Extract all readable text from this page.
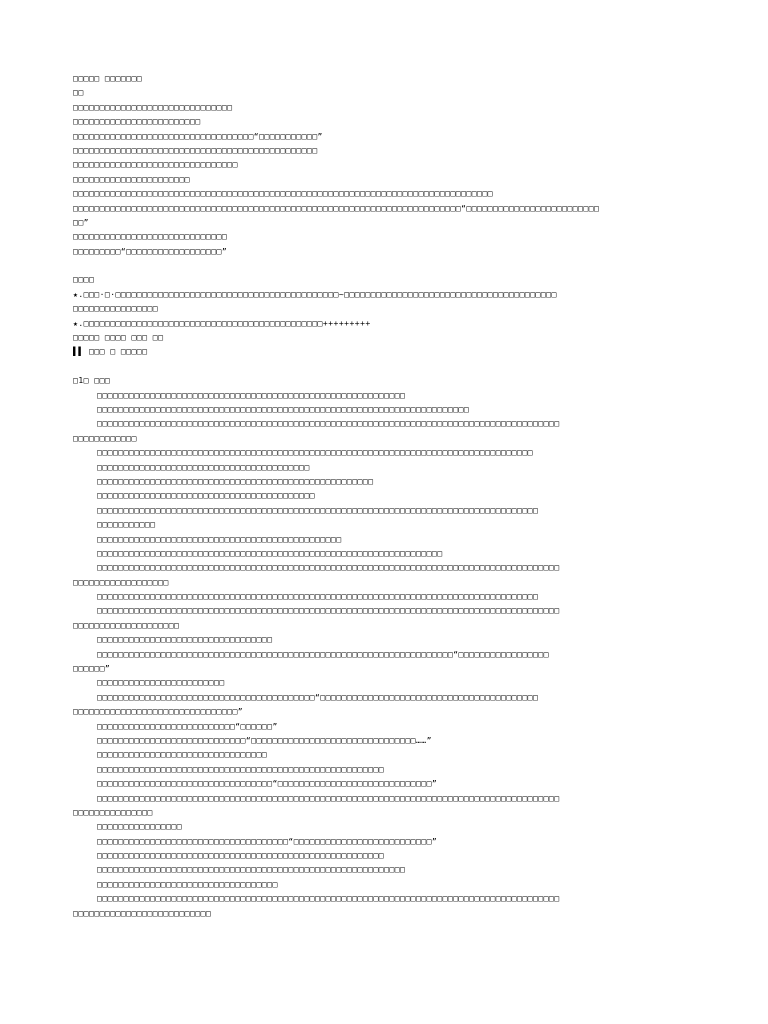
□□□□□ □□□□□□□
□□
□□□□□□□□□□□□□□□□□□□□□□□□□□□□□□
□□□□□□□□□□□□□□□□□□□□□□□□
□□□□□□□□□□□□□□□□□□□□□□□□□□□□□□□□□□“□□□□□□□□□□□”
□□□□□□□□□□□□□□□□□□□□□□□□□□□□□□□□□□□□□□□□□□□□□□
□□□□□□□□□□□□□□□□□□□□□□□□□□□□□□□
□□□□□□□□□□□□□□□□□□□□□□
□□□□□□□□□□□□□□□□□□□□□□□□□□□□□□□□□□□□□□□□□□□□□□□□□□□□□□□□□□□□□□□□□□□□□□□□□□□□□□□
□□□□□□□□□□□□□□□□□□□□□□□□□□□□□□□□□□□□□□□□□□□□□□□□□□□□□□□□□□□□□□□□□□□□□□□□□“□□□□□□□□□□□□□□□□□□□□□□□□□
□□”
□□□□□□□□□□□□□□□□□□□□□□□□□□□□□
□□□□□□□□□“□□□□□□□□□□□□□□□□□□”
□□□□
★.□□□·□·□□□□□□□□□□□□□□□□□□□□□□□□□□□□□□□□□□□□□□□□□□~□□□□□□□□□□□□□□□□□□□□□□□□□□□□□□□□□□□□□□□□
□□□□□□□□□□□□□□□□
★.□□□□□□□□□□□□□□□□□□□□□□□□□□□□□□□□□□□□□□□□□□□□□+++++++++
□□□□□ □□□□ □□□ □□
▌▌ □□□ □ □□□□□
□1□ □□□
□□□□□□□□□□□□□□□□□□□□□□□□□□□□□□□□□□□□□□□□□□□□□□□□□□□□□□□□□□
□□□□□□□□□□□□□□□□□□□□□□□□□□□□□□□□□□□□□□□□□□□□□□□□□□□□□□□□□□□□□□□□□□□□□□
□□□□□□□□□□□□□□□□□□□□□□□□□□□□□□□□□□□□□□□□□□□□□□□□□□□□□□□□□□□□□□□□□□□□□□□□□□□□□□□□□□□□□□□
□□□□□□□□□□□□
□□□□□□□□□□□□□□□□□□□□□□□□□□□□□□□□□□□□□□□□□□□□□□□□□□□□□□□□□□□□□□□□□□□□□□□□□□□□□□□□□□
□□□□□□□□□□□□□□□□□□□□□□□□□□□□□□□□□□□□□□□□
□□□□□□□□□□□□□□□□□□□□□□□□□□□□□□□□□□□□□□□□□□□□□□□□□□□□
□□□□□□□□□□□□□□□□□□□□□□□□□□□□□□□□□□□□□□□□□
□□□□□□□□□□□□□□□□□□□□□□□□□□□□□□□□□□□□□□□□□□□□□□□□□□□□□□□□□□□□□□□□□□□□□□□□□□□□□□□□□□□
□□□□□□□□□□□
□□□□□□□□□□□□□□□□□□□□□□□□□□□□□□□□□□□□□□□□□□□□□□
□□□□□□□□□□□□□□□□□□□□□□□□□□□□□□□□□□□□□□□□□□□□□□□□□□□□□□□□□□□□□□□□□
□□□□□□□□□□□□□□□□□□□□□□□□□□□□□□□□□□□□□□□□□□□□□□□□□□□□□□□□□□□□□□□□□□□□□□□□□□□□□□□□□□□□□□□
□□□□□□□□□□□□□□□□□□
□□□□□□□□□□□□□□□□□□□□□□□□□□□□□□□□□□□□□□□□□□□□□□□□□□□□□□□□□□□□□□□□□□□□□□□□□□□□□□□□□□□
□□□□□□□□□□□□□□□□□□□□□□□□□□□□□□□□□□□□□□□□□□□□□□□□□□□□□□□□□□□□□□□□□□□□□□□□□□□□□□□□□□□□□□□
□□□□□□□□□□□□□□□□□□□□
□□□□□□□□□□□□□□□□□□□□□□□□□□□□□□□□□
□□□□□□□□□□□□□□□□□□□□□□□□□□□□□□□□□□□□□□□□□□□□□□□□□□□□□□□□□□□□□□□□□□□“□□□□□□□□□□□□□□□□□
□□□□□□”
□□□□□□□□□□□□□□□□□□□□□□□□
□□□□□□□□□□□□□□□□□□□□□□□□□□□□□□□□□□□□□□□□□“□□□□□□□□□□□□□□□□□□□□□□□□□□□□□□□□□□□□□□□□□
□□□□□□□□□□□□□□□□□□□□□□□□□□□□□□□”
□□□□□□□□□□□□□□□□□□□□□□□□□□“□□□□□□”
□□□□□□□□□□□□□□□□□□□□□□□□□□□□“□□□□□□□□□□□□□□□□□□□□□□□□□□□□□□□……”
□□□□□□□□□□□□□□□□□□□□□□□□□□□□□□□□
□□□□□□□□□□□□□□□□□□□□□□□□□□□□□□□□□□□□□□□□□□□□□□□□□□□□□□
□□□□□□□□□□□□□□□□□□□□□□□□□□□□□□□□□“□□□□□□□□□□□□□□□□□□□□□□□□□□□□□”
□□□□□□□□□□□□□□□□□□□□□□□□□□□□□□□□□□□□□□□□□□□□□□□□□□□□□□□□□□□□□□□□□□□□□□□□□□□□□□□□□□□□□□□
□□□□□□□□□□□□□□□
□□□□□□□□□□□□□□□□
□□□□□□□□□□□□□□□□□□□□□□□□□□□□□□□□□□□□“□□□□□□□□□□□□□□□□□□□□□□□□□□”
□□□□□□□□□□□□□□□□□□□□□□□□□□□□□□□□□□□□□□□□□□□□□□□□□□□□□□
□□□□□□□□□□□□□□□□□□□□□□□□□□□□□□□□□□□□□□□□□□□□□□□□□□□□□□□□□□
□□□□□□□□□□□□□□□□□□□□□□□□□□□□□□□□□□
□□□□□□□□□□□□□□□□□□□□□□□□□□□□□□□□□□□□□□□□□□□□□□□□□□□□□□□□□□□□□□□□□□□□□□□□□□□□□□□□□□□□□□□
□□□□□□□□□□□□□□□□□□□□□□□□□□
